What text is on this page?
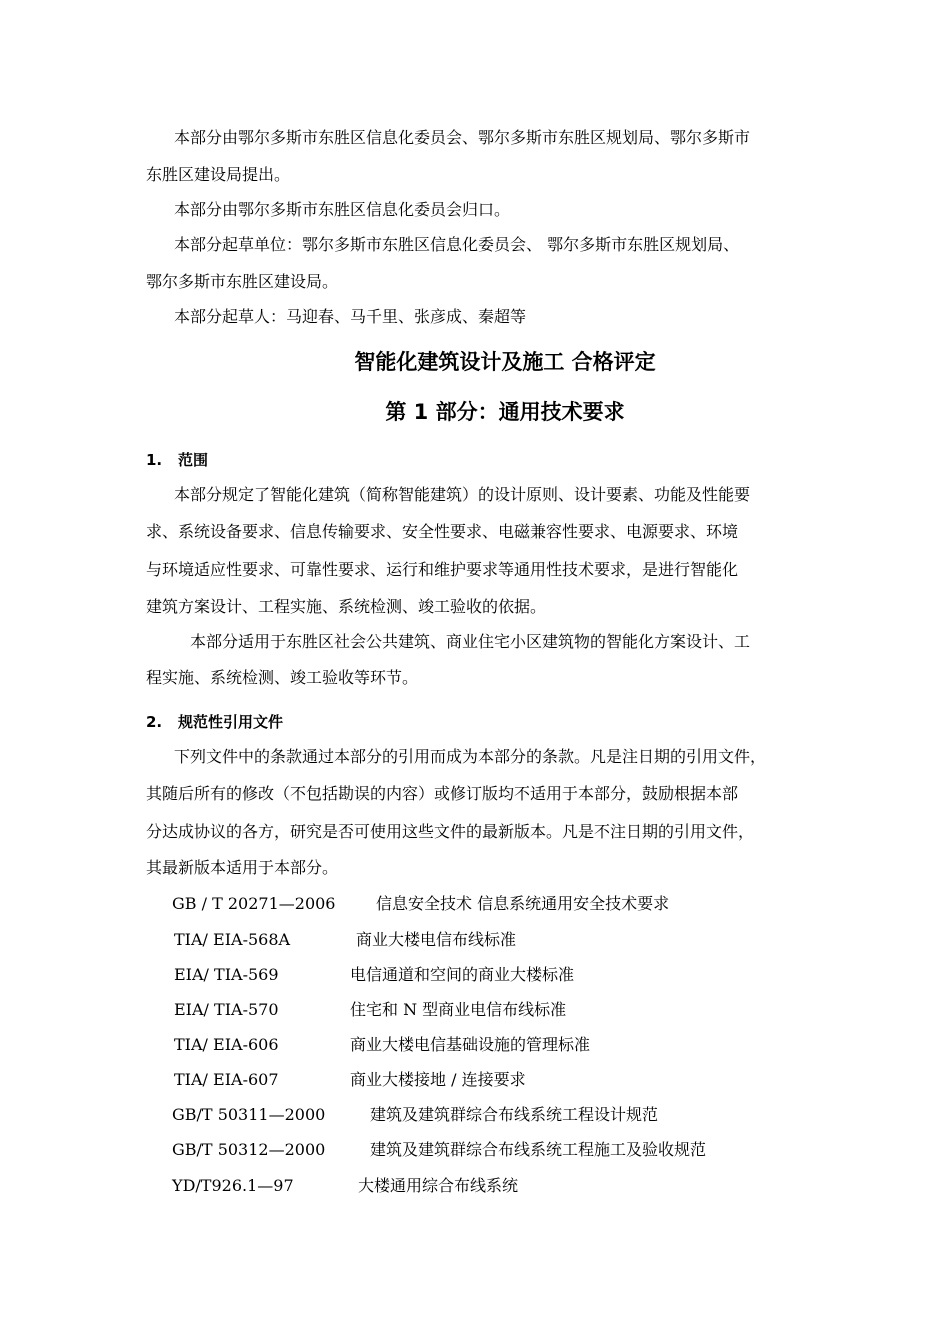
本部分由鄂尔多斯市东胜区信息化委员会、鄂尔多斯市东胜区规划局、鄂尔多斯市

东胜区建设局提出。

本部分由鄂尔多斯市东胜区信息化委员会归口。

本部分起草单位：鄂尔多斯市东胜区信息化委员会、 鄂尔多斯市东胜区规划局、

鄂尔多斯市东胜区建设局。

本部分起草人：马迎春、马千里、张彦成、秦超等

智能化建筑设计及施工 合格评定
第 1 部分：通用技术要求
1. 范围

本部分规定了智能化建筑（简称智能建筑）的设计原则、设计要素、功能及性能要

求、系统设备要求、信息传输要求、安全性要求、电磁兼容性要求、电源要求、环境

与环境适应性要求、可靠性要求、运行和维护要求等通用性技术要求，是进行智能化

建筑方案设计、工程实施、系统检测、竣工验收的依据。

本部分适用于东胜区社会公共建筑、商业住宅小区建筑物的智能化方案设计、工

程实施、系统检测、竣工验收等环节。

2. 规范性引用文件

下列文件中的条款通过本部分的引用而成为本部分的条款。凡是注日期的引用文件，

其随后所有的修改（不包括勘误的内容）或修订版均不适用于本部分，鼓励根据本部

分达成协议的各方，研究是否可使用这些文件的最新版本。凡是不注日期的引用文件，

其最新版本适用于本部分。

GB / T 20271—2006	信息安全技术 信息系统通用安全技术要求

TIA/ EIA-568A	商业大楼电信布线标准

EIA/ TIA-569	电信通道和空间的商业大楼标准

EIA/ TIA-570	住宅和 N 型商业电信布线标准

TIA/ EIA-606	商业大楼电信基础设施的管理标准

TIA/ EIA-607	商业大楼接地 / 连接要求

GB/T 50311—2000	建筑及建筑群综合布线系统工程设计规范

GB/T 50312—2000	建筑及建筑群综合布线系统工程施工及验收规范

YD/T926.1—97	大楼通用综合布线系统
